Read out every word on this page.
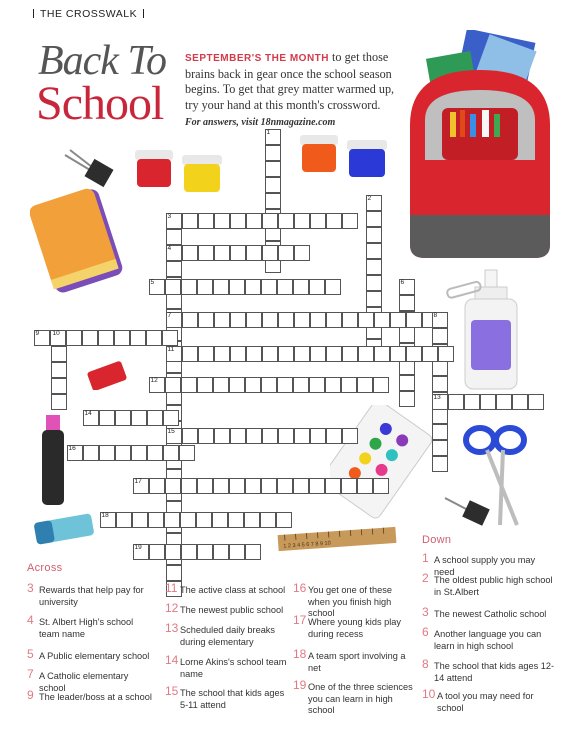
THE CROSSWALK
Back To
School
SEPTEMBER'S THE MONTH to get those brains back in gear once the school season begins. To get that grey matter warmed up, try your hand at this month's crossword.
For answers, visit 18nmagazine.com
1 2 3 4 5 6 7 8 9 10
1
2
3
4
5	6
7	8
9 10
11
12
13
14
15
16
17
18
19
Across
Down
3 Rewards that help pay for university
4 St. Albert High's school team name
5 A Public elementary school
7 A Catholic elementary school
9 The leader/boss at a school
11 The active class at school
12 The newest public school
13 Scheduled daily breaks during elementary
14 Lorne Akins's school team name
15 The school that kids ages 5-11 attend
16 You get one of these when you finish high school
17 Where young kids play during recess
18 A team sport involving a net
19 One of the three sciences you can learn in high school
1 A school supply you may need
2 The oldest public high school in St.Albert
3 The newest Catholic school
6 Another language you can learn in high school
8 The school that kids ages 12-14 attend
10 A tool you may need for school
